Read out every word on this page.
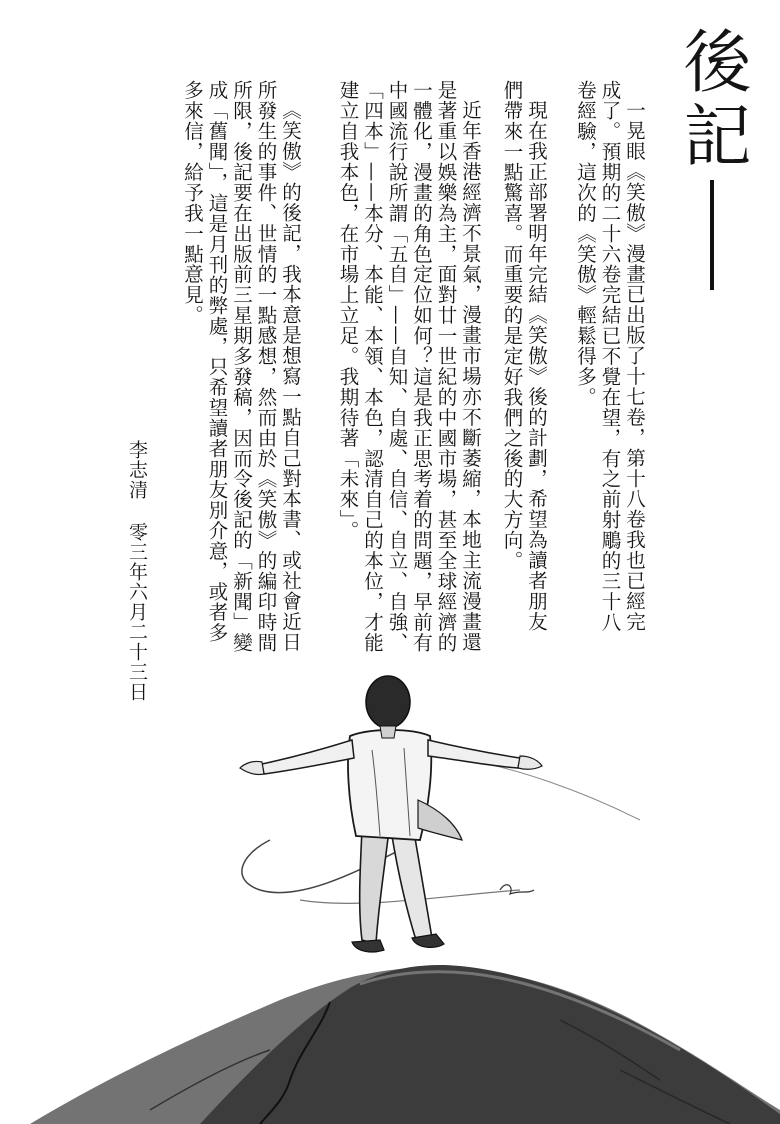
後記
一晃眼《笑傲》漫畫已出版了十七卷，第十八卷我也已經完成了。預期的二十六卷完結已不覺在望，有之前射鵰的三十八卷經驗，這次的《笑傲》輕鬆得多。
現在我正部署明年完結《笑傲》後的計劃，希望為讀者朋友們帶來一點驚喜。而重要的是定好我們之後的大方向。
近年香港經濟不景氣，漫畫市場亦不斷萎縮，本地主流漫畫還是著重以娛樂為主，面對廿一世紀的中國市場，甚至全球經濟的一體化，漫畫的角色定位如何？這是我正思考着的問題，早前有中國流行說所謂「五自」——自知、自處、自信、自立、自強、「四本」——本分、本能、本領、本色，認清自己的本位，才能建立自我本色，在市場上立足。我期待著「未來」。
《笑傲》的後記，我本意是想寫一點自己對本書、或社會近日所發生的事件、世情的一點感想，然而由於《笑傲》的編印時間所限，後記要在出版前三星期多發稿，因而令後記的「新聞」變成「舊聞」，這是月刊的弊處，只希望讀者朋友別介意，或者多多來信，給予我一點意見。
李志清零三年六月二十三日
